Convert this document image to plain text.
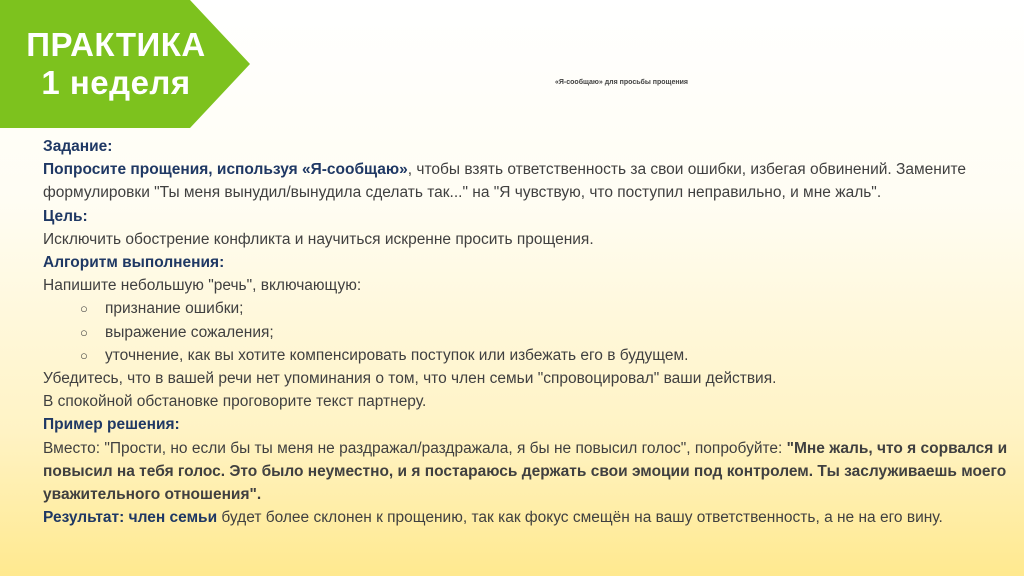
ПРАКТИКА
1 неделя	«Я-сообщаю» для просьбы прощения

Задание:

Попросите прощения, используя «Я-сообщаю», чтобы взять ответственность за свои ошибки, избегая обвинений. Замените формулировки "Ты меня вынудил/вынудила сделать так..." на "Я чувствую, что поступил неправильно, и мне жаль".

Цель:

Исключить обострение конфликта и научиться искренне просить прощения.

Алгоритм выполнения:

Напишите небольшую "речь", включающую:

○ признание ошибки;
○ выражение сожаления;
○ уточнение, как вы хотите компенсировать поступок или избежать его в будущем.

Убедитесь, что в вашей речи нет упоминания о том, что член семьи "спровоцировал" ваши действия.

В спокойной обстановке проговорите текст партнеру.

Пример решения:

Вместо: "Прости, но если бы ты меня не раздражал/раздражала, я бы не повысил голос", попробуйте: "Мне жаль, что я сорвался и повысил на тебя голос. Это было неуместно, и я постараюсь держать свои эмоции под контролем. Ты заслуживаешь моего уважительного отношения".

Результат: член семьи будет более склонен к прощению, так как фокус смещён на вашу ответственность, а не на его вину.
